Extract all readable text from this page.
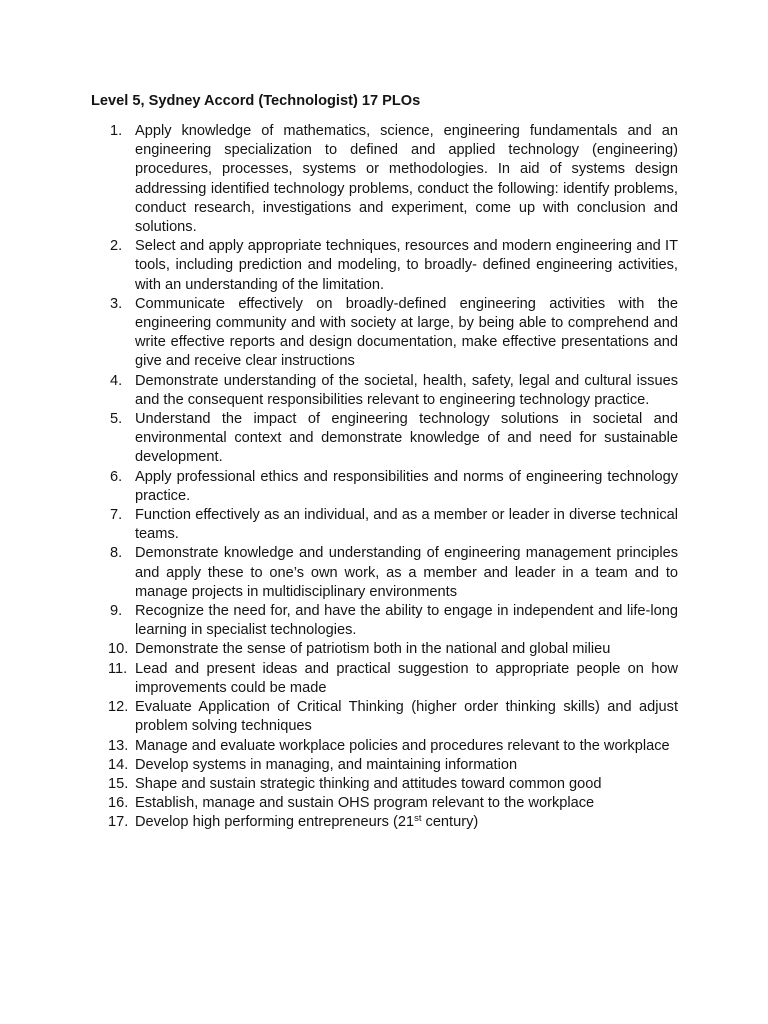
Level 5, Sydney Accord (Technologist) 17 PLOs
1. Apply knowledge of mathematics, science, engineering fundamentals and an engineering specialization to defined and applied technology (engineering) procedures, processes, systems or methodologies. In aid of systems design addressing identified technology problems, conduct the following: identify problems, conduct research, investigations and experiment, come up with conclusion and solutions.
2. Select and apply appropriate techniques, resources and modern engineering and IT tools, including prediction and modeling, to broadly- defined engineering activities, with an understanding of the limitation.
3. Communicate effectively on broadly-defined engineering activities with the engineering community and with society at large, by being able to comprehend and write effective reports and design documentation, make effective presentations and give and receive clear instructions
4. Demonstrate understanding of the societal, health, safety, legal and cultural issues and the consequent responsibilities relevant to engineering technology practice.
5. Understand the impact of engineering technology solutions in societal and environmental context and demonstrate knowledge of and need for sustainable development.
6. Apply professional ethics and responsibilities and norms of engineering technology practice.
7. Function effectively as an individual, and as a member or leader in diverse technical teams.
8. Demonstrate knowledge and understanding of engineering management principles and apply these to one’s own work, as a member and leader in a team and to manage projects in multidisciplinary environments
9. Recognize the need for, and have the ability to engage in independent and life-long learning in specialist technologies.
10. Demonstrate the sense of patriotism both in the national and global milieu
11. Lead and present ideas and practical suggestion to appropriate people on how improvements could be made
12. Evaluate Application of Critical Thinking (higher order thinking skills) and adjust problem solving techniques
13. Manage and evaluate workplace policies and procedures relevant to the workplace
14. Develop systems in managing, and maintaining information
15. Shape and sustain strategic thinking and attitudes toward common good
16. Establish, manage and sustain OHS program relevant to the workplace
17. Develop high performing entrepreneurs (21st century)
